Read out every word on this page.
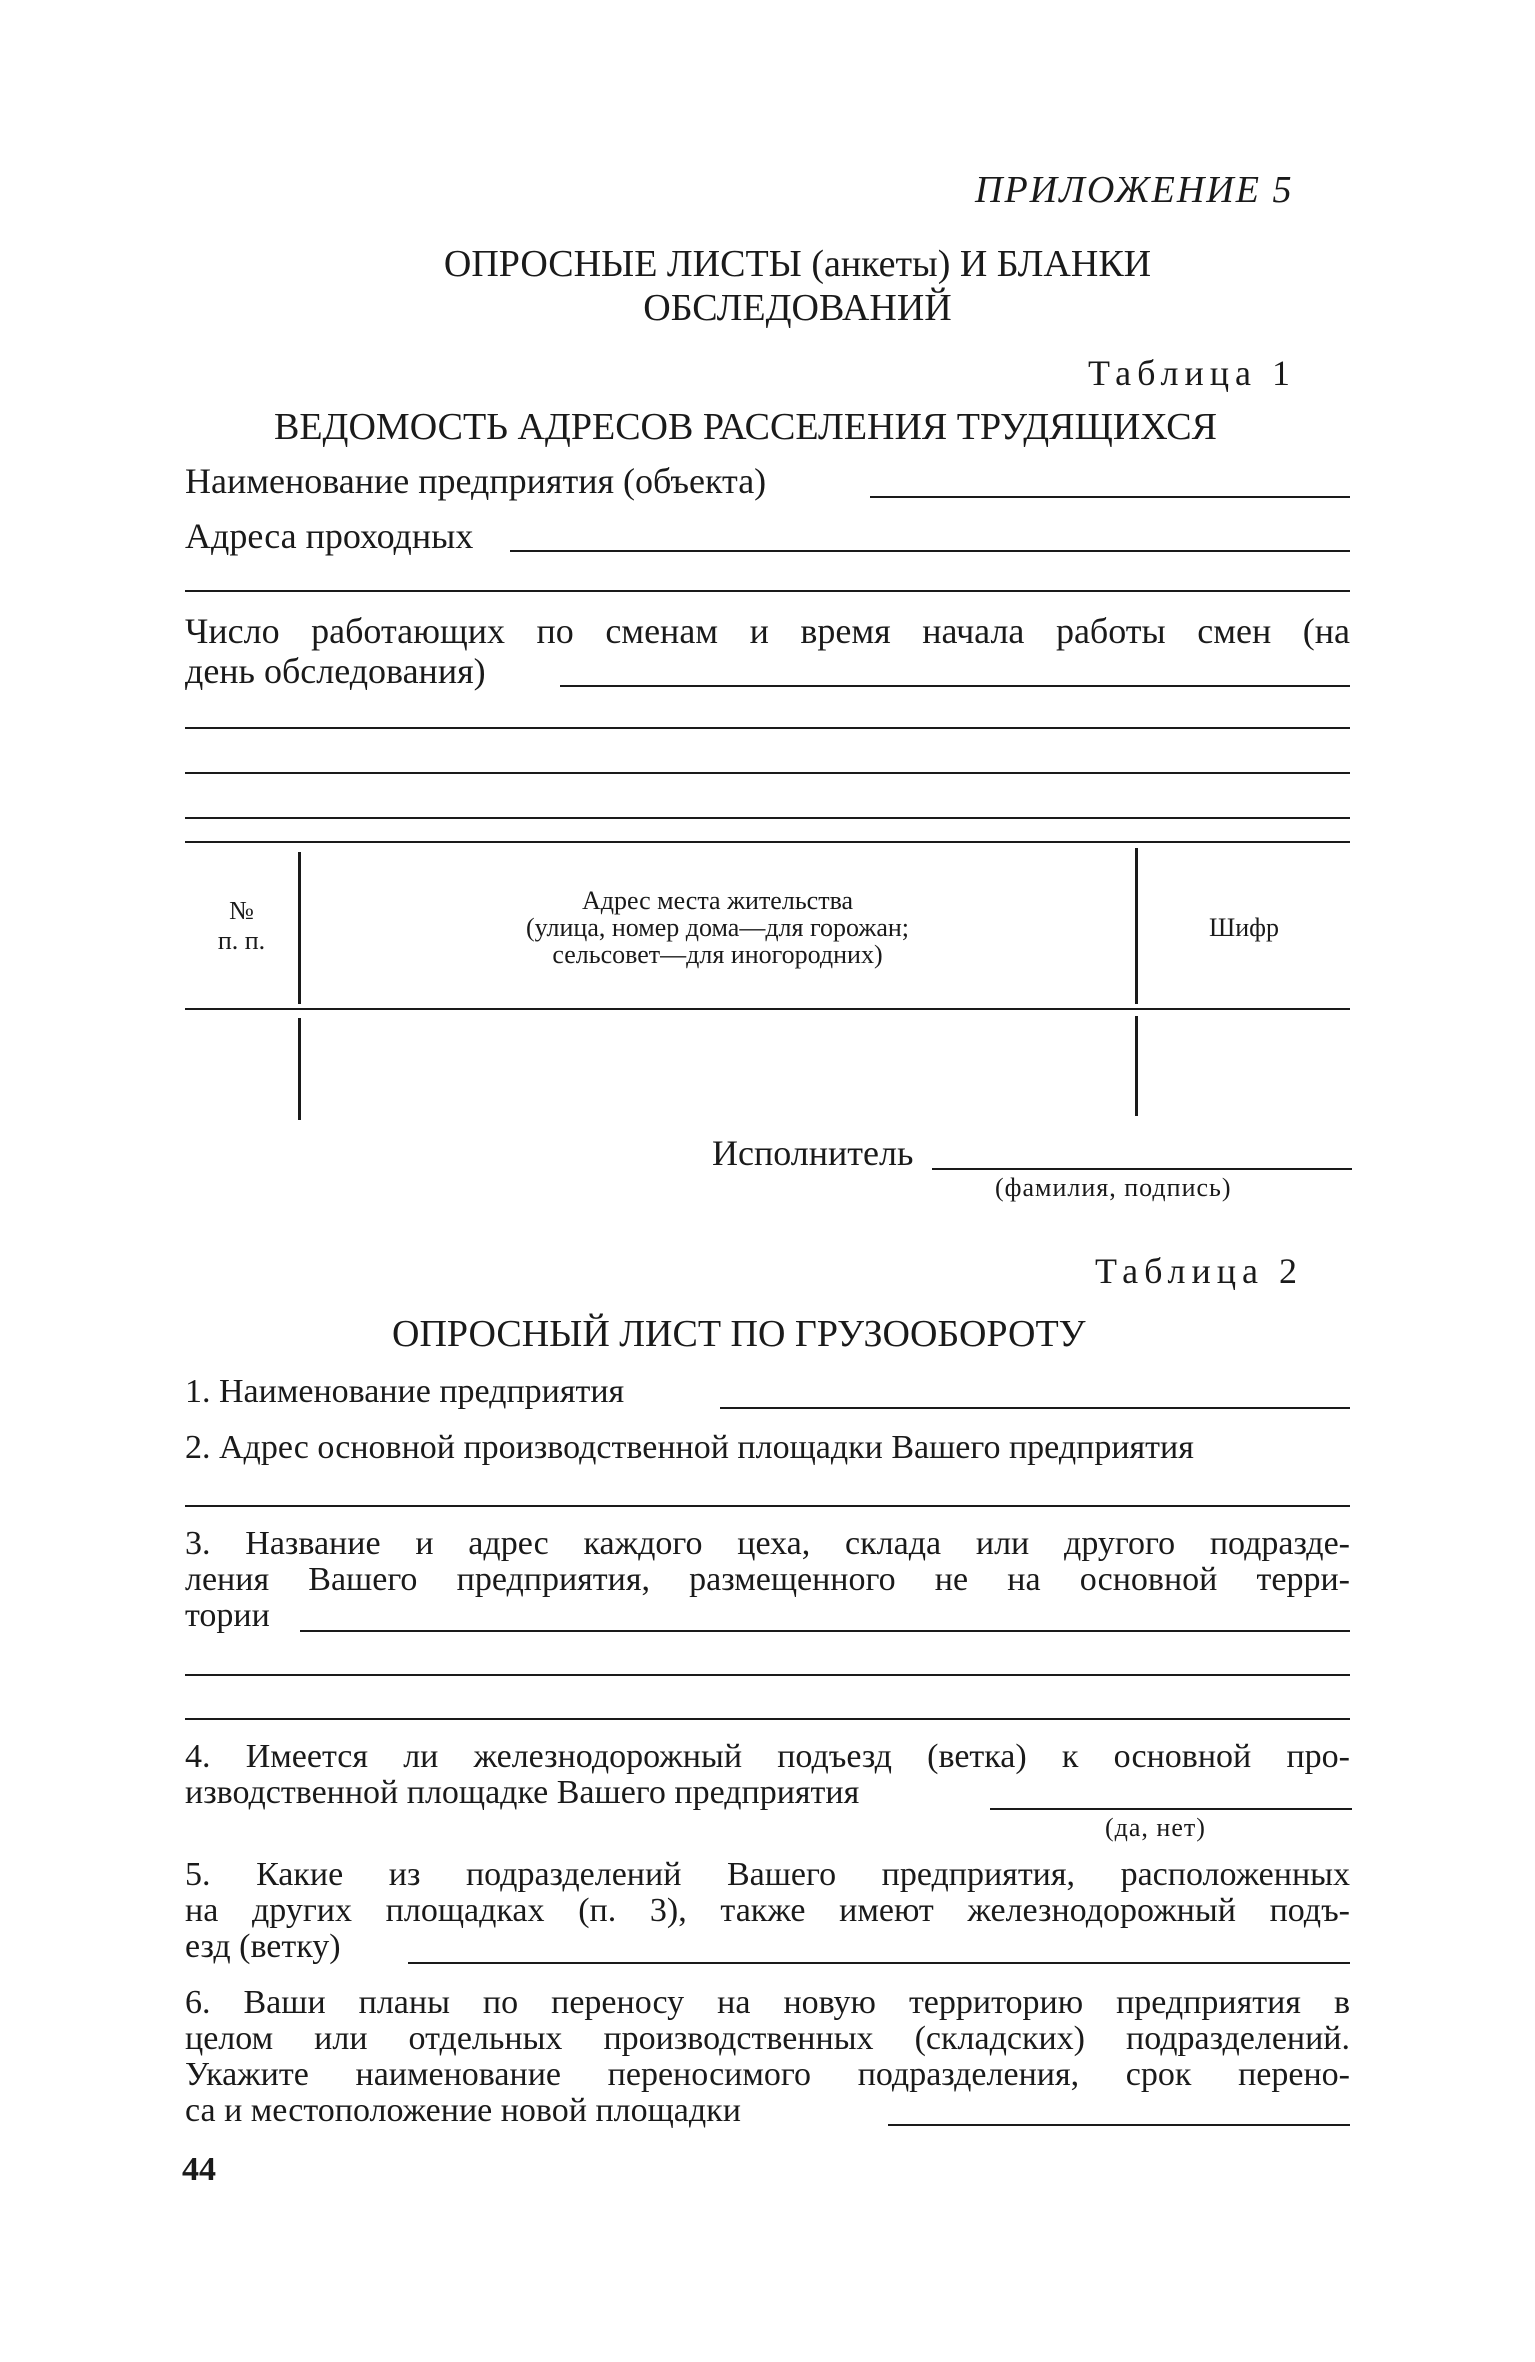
ПРИЛОЖЕНИЕ 5
ОПРОСНЫЕ ЛИСТЫ (анкеты) И БЛАНКИ
ОБСЛЕДОВАНИЙ
Таблица 1
ВЕДОМОСТЬ АДРЕСОВ РАССЕЛЕНИЯ ТРУДЯЩИХСЯ
Наименование предприятия (объекта)
Адреса проходных
Число работающих по сменам и время начала работы смен (на
день обследования)
№
п. п.
Адрес места жительства
(улица, номер дома—для горожан;
сельсовет—для иногородних)
Шифр
Исполнитель
(фамилия, подпись)
Таблица 2
ОПРОСНЫЙ ЛИСТ ПО ГРУЗООБОРОТУ
1. Наименование предприятия
2. Адрес основной производственной площадки Вашего предприятия
3. Название и адрес каждого цеха, склада или другого подразде-
ления Вашего предприятия, размещенного не на основной терри-
тории
4. Имеется ли железнодорожный подъезд (ветка) к основной про-
изводственной площадке Вашего предприятия
(да, нет)
5. Какие из подразделений Вашего предприятия, расположенных
на других площадках (п. 3), также имеют железнодорожный подъ-
езд (ветку)
6. Ваши планы по переносу на новую территорию предприятия в
целом или отдельных производственных (складских) подразделений.
Укажите наименование переносимого подразделения, срок перено-
са и местоположение новой площадки
44
